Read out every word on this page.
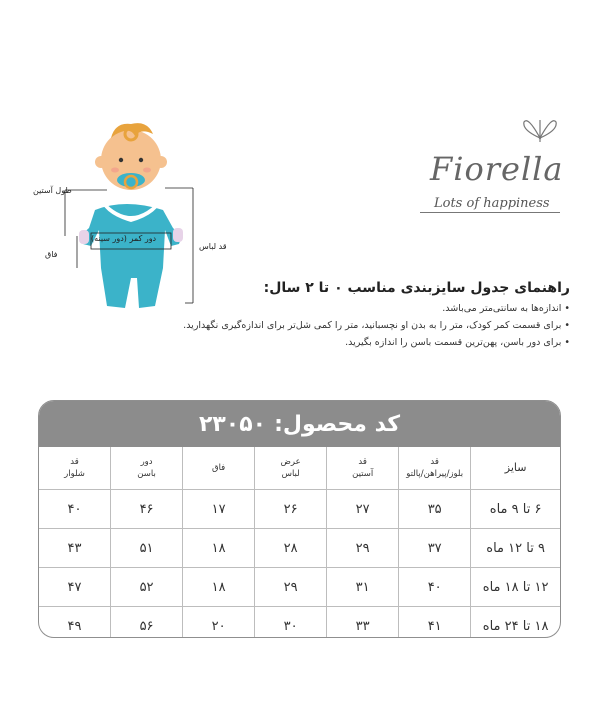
طول آستین
دور کمر (دور سینه)
فاق
قد لباس
Fiorella
Lots of happiness
راهنمای جدول سایزبندی مناسب ۰ تا ۲ سال:
• اندازه‌ها به سانتی‌متر می‌باشد.
• برای قسمت کمر کودک، متر را به بدن او نچسبانید، متر را کمی شل‌تر برای اندازه‌گیری نگهدارید.
• برای دور باسن، پهن‌ترین قسمت باسن را اندازه بگیرید.
کد محصول:
۲۳۰۵۰
سایز
قد
بلوز/پیراهن/پالتو
قد
آستین
عرض
لباس
فاق
دور
باسن
قد
شلوار
۶ تا ۹ ماه
۳۵
۲۷
۲۶
۱۷
۴۶
۴۰
۹ تا ۱۲ ماه
۳۷
۲۹
۲۸
۱۸
۵۱
۴۳
۱۲ تا ۱۸ ماه
۴۰
۳۱
۲۹
۱۸
۵۲
۴۷
۱۸ تا ۲۴ ماه
۴۱
۳۳
۳۰
۲۰
۵۶
۴۹
